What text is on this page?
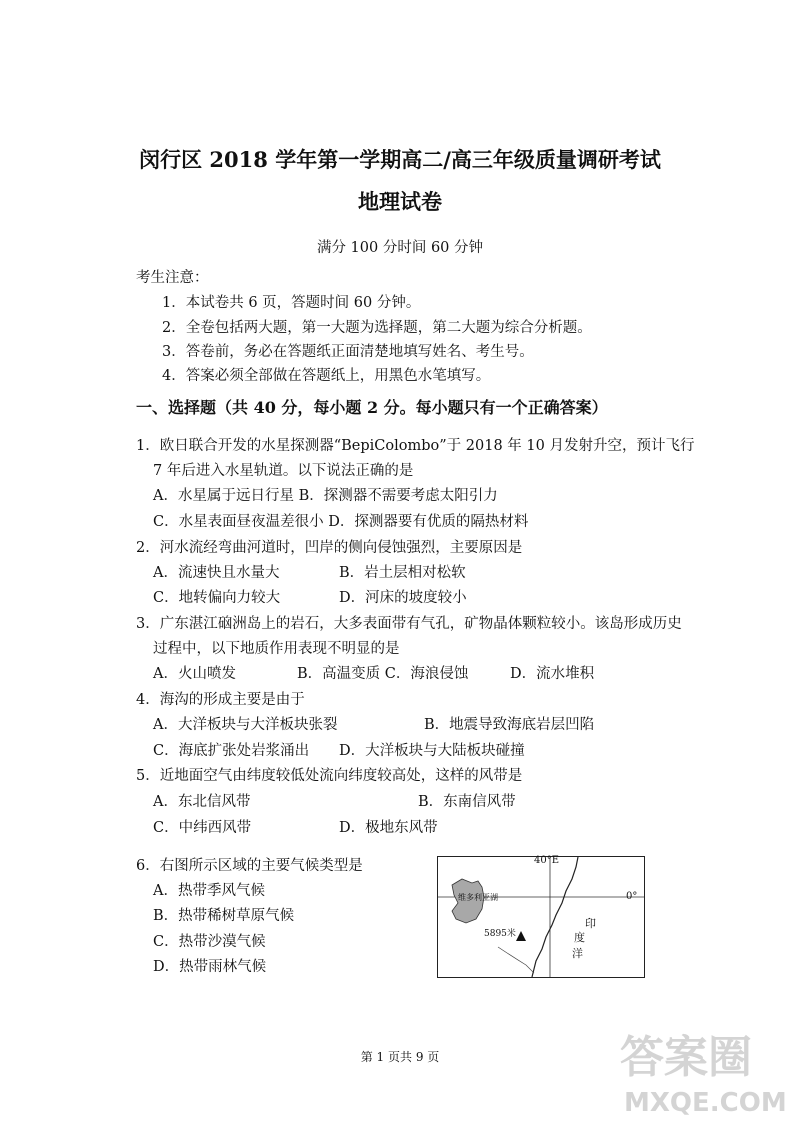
闵行区 2018 学年第一学期高二/高三年级质量调研考试
地理试卷
满分 100 分时间 60 分钟
考生注意：
1．本试卷共 6 页，答题时间 60 分钟。
2．全卷包括两大题，第一大题为选择题，第二大题为综合分析题。
3．答卷前，务必在答题纸正面清楚地填写姓名、考生号。
4．答案必须全部做在答题纸上，用黑色水笔填写。
一、选择题（共 40 分，每小题 2 分。每小题只有一个正确答案）
1．欧日联合开发的水星探测器“BepiColombo”于 2018 年 10 月发射升空，预计飞行
7 年后进入水星轨道。以下说法正确的是
A．水星属于远日行星 B．探测器不需要考虑太阳引力
C．水星表面昼夜温差很小 D．探测器要有优质的隔热材料
2．河水流经弯曲河道时，凹岸的侧向侵蚀强烈，主要原因是
A．流速快且水量大	B．岩土层相对松软
C．地转偏向力较大	D．河床的坡度较小
3．广东湛江硇洲岛上的岩石，大多表面带有气孔，矿物晶体颗粒较小。该岛形成历史
过程中，以下地质作用表现不明显的是
A．火山喷发	B．高温变质 C．海浪侵蚀	D．流水堆积
4．海沟的形成主要是由于
A．大洋板块与大洋板块张裂	B．地震导致海底岩层凹陷
C．海底扩张处岩浆涌出 D．大洋板块与大陆板块碰撞
5．近地面空气由纬度较低处流向纬度较高处，这样的风带是
A．东北信风带	B．东南信风带
C．中纬西风带	D．极地东风带
6．右图所示区域的主要气候类型是
A．热带季风气候
B．热带稀树草原气候
C．热带沙漠气候
D．热带雨林气候
40°E
0°
维多利亚湖
5895米
印
度
洋
第 1 页共 9 页	答案圈
MXQE.COM
